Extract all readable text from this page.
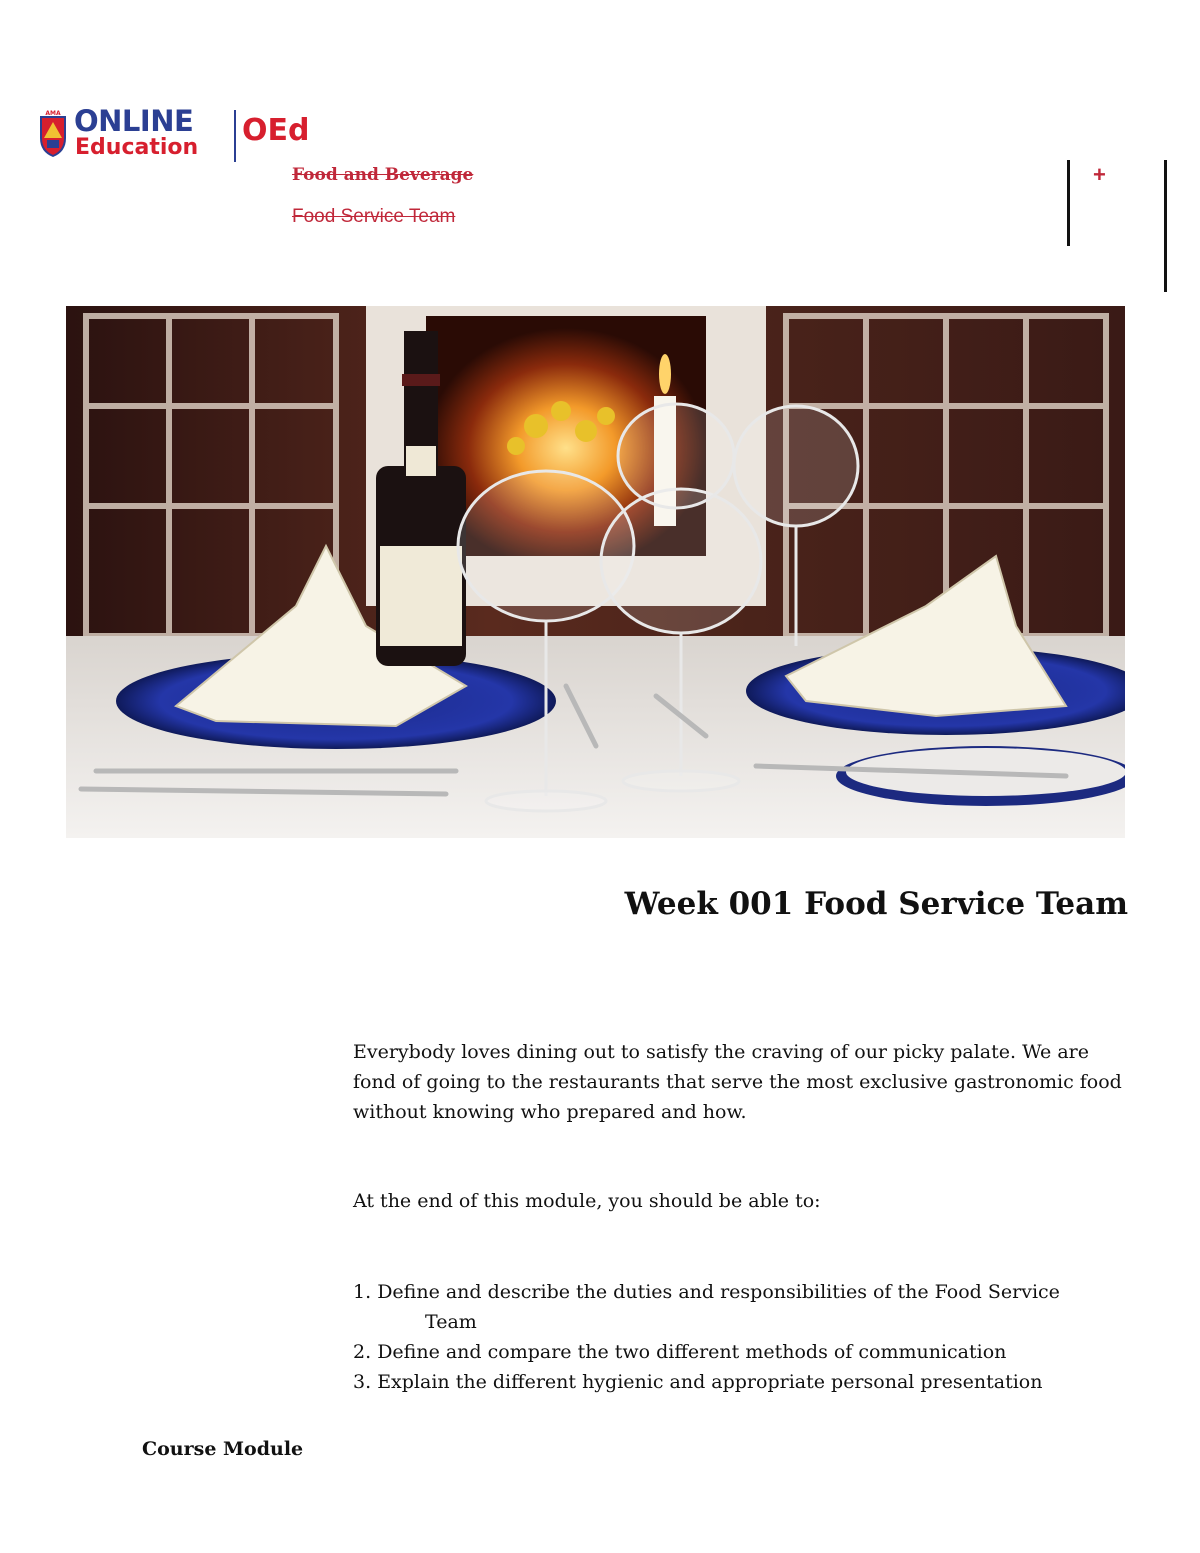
AMA ONLINE
Education OEd
Food and Beverage
Food Service Team
+
Week 001 Food Service Team
Everybody loves dining out to satisfy the craving of our picky palate. We are fond of going to the restaurants that serve the most exclusive gastronomic food without knowing who prepared and how.
At the end of this module, you should be able to:
1. Define and describe the duties and responsibilities of the Food Service
Team
2. Define and compare the two different methods of communication
3. Explain the different hygienic and appropriate personal presentation
Course Module
